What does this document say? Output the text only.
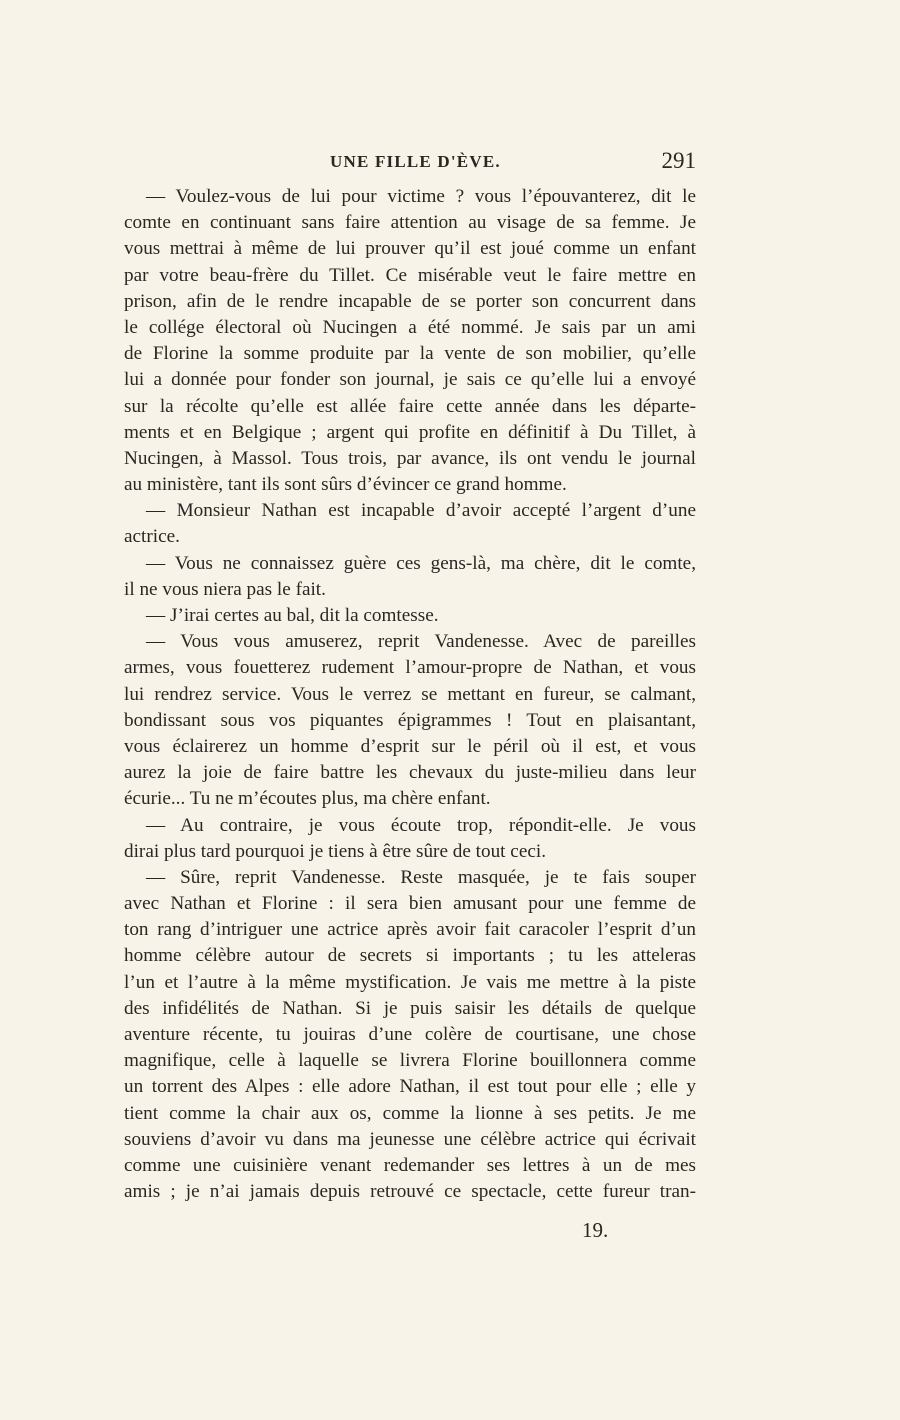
UNE FILLE D'ÈVE.	291
— Voulez-vous de lui pour victime ? vous l’épouvanterez, dit le
comte en continuant sans faire attention au visage de sa femme. Je
vous mettrai à même de lui prouver qu’il est joué comme un enfant
par votre beau-frère du Tillet. Ce misérable veut le faire mettre en
prison, afin de le rendre incapable de se porter son concurrent dans
le collége électoral où Nucingen a été nommé. Je sais par un ami
de Florine la somme produite par la vente de son mobilier, qu’elle
lui a donnée pour fonder son journal, je sais ce qu’elle lui a envoyé
sur la récolte qu’elle est allée faire cette année dans les départe-
ments et en Belgique ; argent qui profite en définitif à Du Tillet, à
Nucingen, à Massol. Tous trois, par avance, ils ont vendu le journal
au ministère, tant ils sont sûrs d’évincer ce grand homme.
— Monsieur Nathan est incapable d’avoir accepté l’argent d’une
actrice.
— Vous ne connaissez guère ces gens-là, ma chère, dit le comte,
il ne vous niera pas le fait.
— J’irai certes au bal, dit la comtesse.
— Vous vous amuserez, reprit Vandenesse. Avec de pareilles
armes, vous fouetterez rudement l’amour-propre de Nathan, et vous
lui rendrez service. Vous le verrez se mettant en fureur, se calmant,
bondissant sous vos piquantes épigrammes ! Tout en plaisantant,
vous éclairerez un homme d’esprit sur le péril où il est, et vous
aurez la joie de faire battre les chevaux du juste-milieu dans leur
écurie... Tu ne m’écoutes plus, ma chère enfant.
— Au contraire, je vous écoute trop, répondit-elle. Je vous
dirai plus tard pourquoi je tiens à être sûre de tout ceci.
— Sûre, reprit Vandenesse. Reste masquée, je te fais souper
avec Nathan et Florine : il sera bien amusant pour une femme de
ton rang d’intriguer une actrice après avoir fait caracoler l’esprit d’un
homme célèbre autour de secrets si importants ; tu les atteleras
l’un et l’autre à la même mystification. Je vais me mettre à la piste
des infidélités de Nathan. Si je puis saisir les détails de quelque
aventure récente, tu jouiras d’une colère de courtisane, une chose
magnifique, celle à laquelle se livrera Florine bouillonnera comme
un torrent des Alpes : elle adore Nathan, il est tout pour elle ; elle y
tient comme la chair aux os, comme la lionne à ses petits. Je me
souviens d’avoir vu dans ma jeunesse une célèbre actrice qui écrivait
comme une cuisinière venant redemander ses lettres à un de mes
amis ; je n’ai jamais depuis retrouvé ce spectacle, cette fureur tran-
19.
